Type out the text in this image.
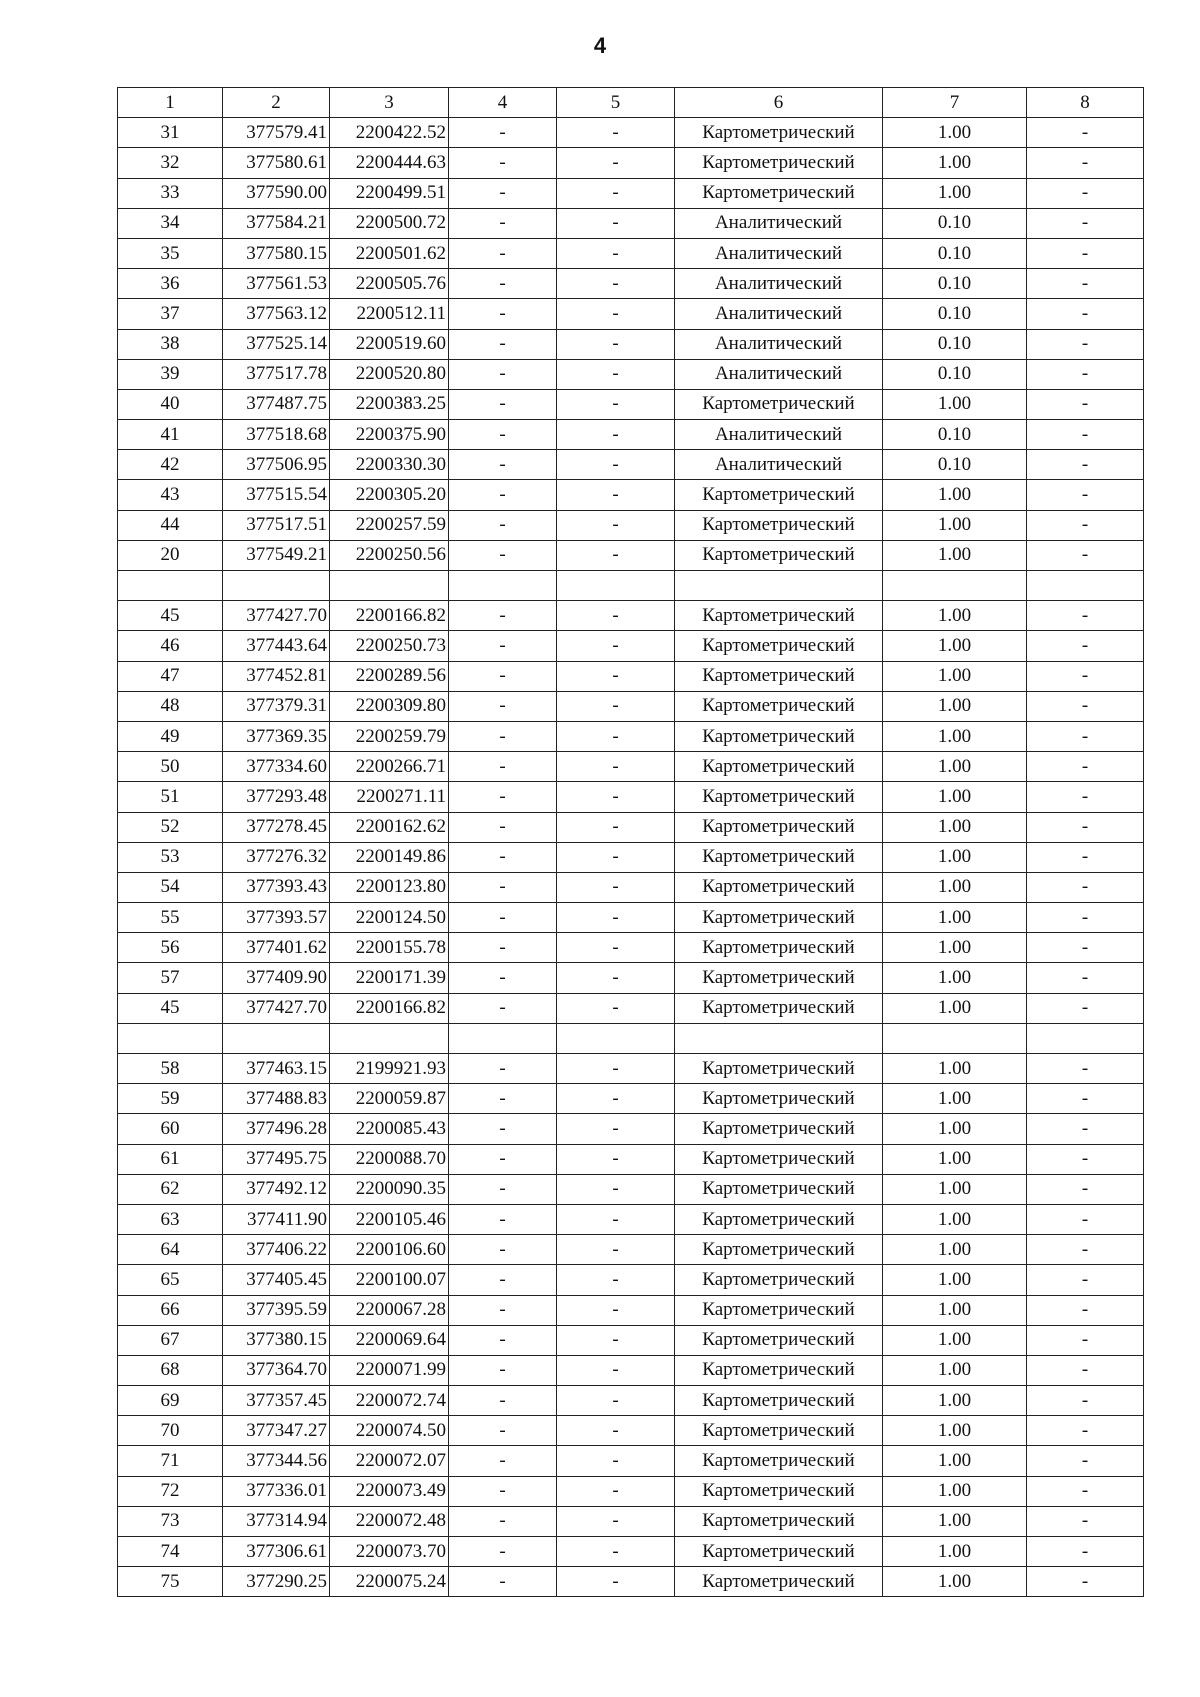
4
1	2	3	4	5	6	7	8
31	377579.41	2200422.52	-	-	Картометрический	1.00	-
32	377580.61	2200444.63	-	-	Картометрический	1.00	-
33	377590.00	2200499.51	-	-	Картометрический	1.00	-
34	377584.21	2200500.72	-	-	Аналитический	0.10	-
35	377580.15	2200501.62	-	-	Аналитический	0.10	-
36	377561.53	2200505.76	-	-	Аналитический	0.10	-
37	377563.12	2200512.11	-	-	Аналитический	0.10	-
38	377525.14	2200519.60	-	-	Аналитический	0.10	-
39	377517.78	2200520.80	-	-	Аналитический	0.10	-
40	377487.75	2200383.25	-	-	Картометрический	1.00	-
41	377518.68	2200375.90	-	-	Аналитический	0.10	-
42	377506.95	2200330.30	-	-	Аналитический	0.10	-
43	377515.54	2200305.20	-	-	Картометрический	1.00	-
44	377517.51	2200257.59	-	-	Картометрический	1.00	-
20	377549.21	2200250.56	-	-	Картометрический	1.00	-

45	377427.70	2200166.82	-	-	Картометрический	1.00	-
46	377443.64	2200250.73	-	-	Картометрический	1.00	-
47	377452.81	2200289.56	-	-	Картометрический	1.00	-
48	377379.31	2200309.80	-	-	Картометрический	1.00	-
49	377369.35	2200259.79	-	-	Картометрический	1.00	-
50	377334.60	2200266.71	-	-	Картометрический	1.00	-
51	377293.48	2200271.11	-	-	Картометрический	1.00	-
52	377278.45	2200162.62	-	-	Картометрический	1.00	-
53	377276.32	2200149.86	-	-	Картометрический	1.00	-
54	377393.43	2200123.80	-	-	Картометрический	1.00	-
55	377393.57	2200124.50	-	-	Картометрический	1.00	-
56	377401.62	2200155.78	-	-	Картометрический	1.00	-
57	377409.90	2200171.39	-	-	Картометрический	1.00	-
45	377427.70	2200166.82	-	-	Картометрический	1.00	-

58	377463.15	2199921.93	-	-	Картометрический	1.00	-
59	377488.83	2200059.87	-	-	Картометрический	1.00	-
60	377496.28	2200085.43	-	-	Картометрический	1.00	-
61	377495.75	2200088.70	-	-	Картометрический	1.00	-
62	377492.12	2200090.35	-	-	Картометрический	1.00	-
63	377411.90	2200105.46	-	-	Картометрический	1.00	-
64	377406.22	2200106.60	-	-	Картометрический	1.00	-
65	377405.45	2200100.07	-	-	Картометрический	1.00	-
66	377395.59	2200067.28	-	-	Картометрический	1.00	-
67	377380.15	2200069.64	-	-	Картометрический	1.00	-
68	377364.70	2200071.99	-	-	Картометрический	1.00	-
69	377357.45	2200072.74	-	-	Картометрический	1.00	-
70	377347.27	2200074.50	-	-	Картометрический	1.00	-
71	377344.56	2200072.07	-	-	Картометрический	1.00	-
72	377336.01	2200073.49	-	-	Картометрический	1.00	-
73	377314.94	2200072.48	-	-	Картометрический	1.00	-
74	377306.61	2200073.70	-	-	Картометрический	1.00	-
75	377290.25	2200075.24	-	-	Картометрический	1.00	-
